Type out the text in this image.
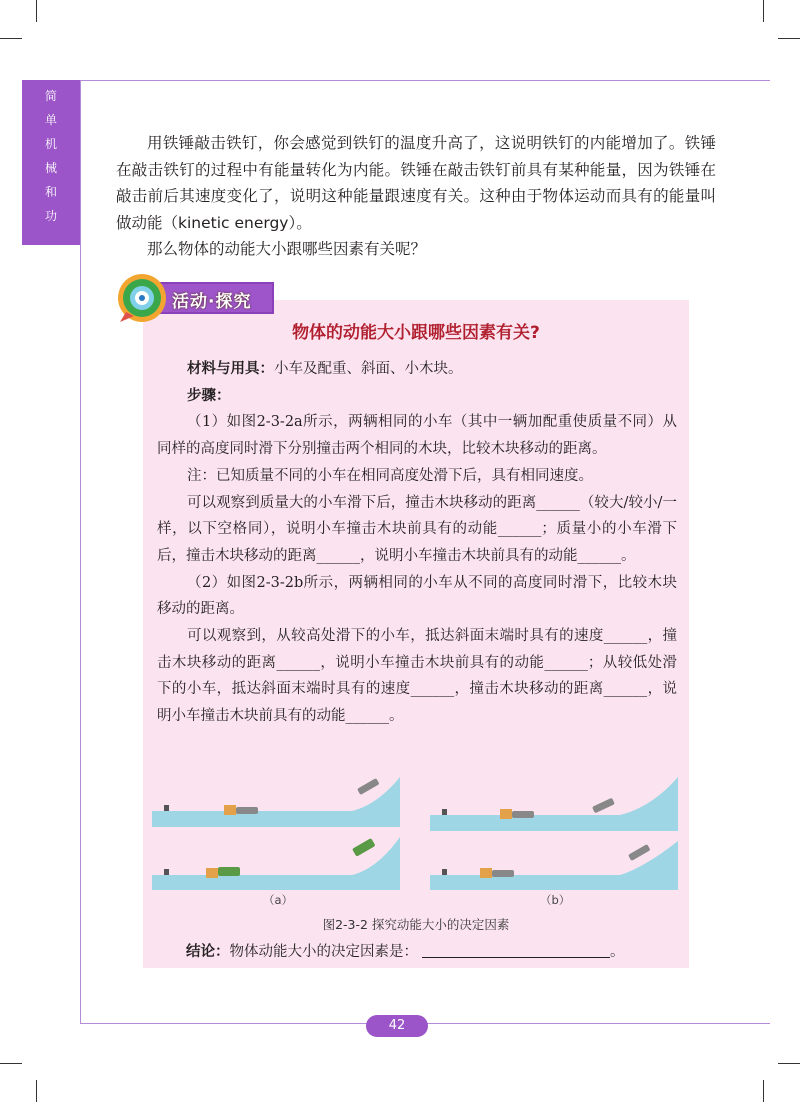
简
单
机
械
和
功

用铁锤敲击铁钉，你会感觉到铁钉的温度升高了，这说明铁钉的内能增加了。铁锤在敲击铁钉的过程中有能量转化为内能。铁锤在敲击铁钉前具有某种能量，因为铁锤在敲击前后其速度变化了，说明这种能量跟速度有关。这种由于物体运动而具有的能量叫做动能（kinetic energy）。

那么物体的动能大小跟哪些因素有关呢？

活动·探究
物体的动能大小跟哪些因素有关?

材料与用具：小车及配重、斜面、小木块。

步骤：

（1）如图2-3-2a所示，两辆相同的小车（其中一辆加配重使质量不同）从同样的高度同时滑下分别撞击两个相同的木块，比较木块移动的距离。

注：已知质量不同的小车在相同高度处滑下后，具有相同速度。

可以观察到质量大的小车滑下后，撞击木块移动的距离______（较大/较小/一样，以下空格同），说明小车撞击木块前具有的动能______；质量小的小车滑下后，撞击木块移动的距离______，说明小车撞击木块前具有的动能______。

（2）如图2-3-2b所示，两辆相同的小车从不同的高度同时滑下，比较木块移动的距离。

可以观察到，从较高处滑下的小车，抵达斜面末端时具有的速度______，撞击木块移动的距离______，说明小车撞击木块前具有的动能______；从较低处滑下的小车，抵达斜面末端时具有的速度______，撞击木块移动的距离______，说明小车撞击木块前具有的动能______。

（a）	（b）
图2-3-2 探究动能大小的决定因素
结论：物体动能大小的决定因素是：	。
42
